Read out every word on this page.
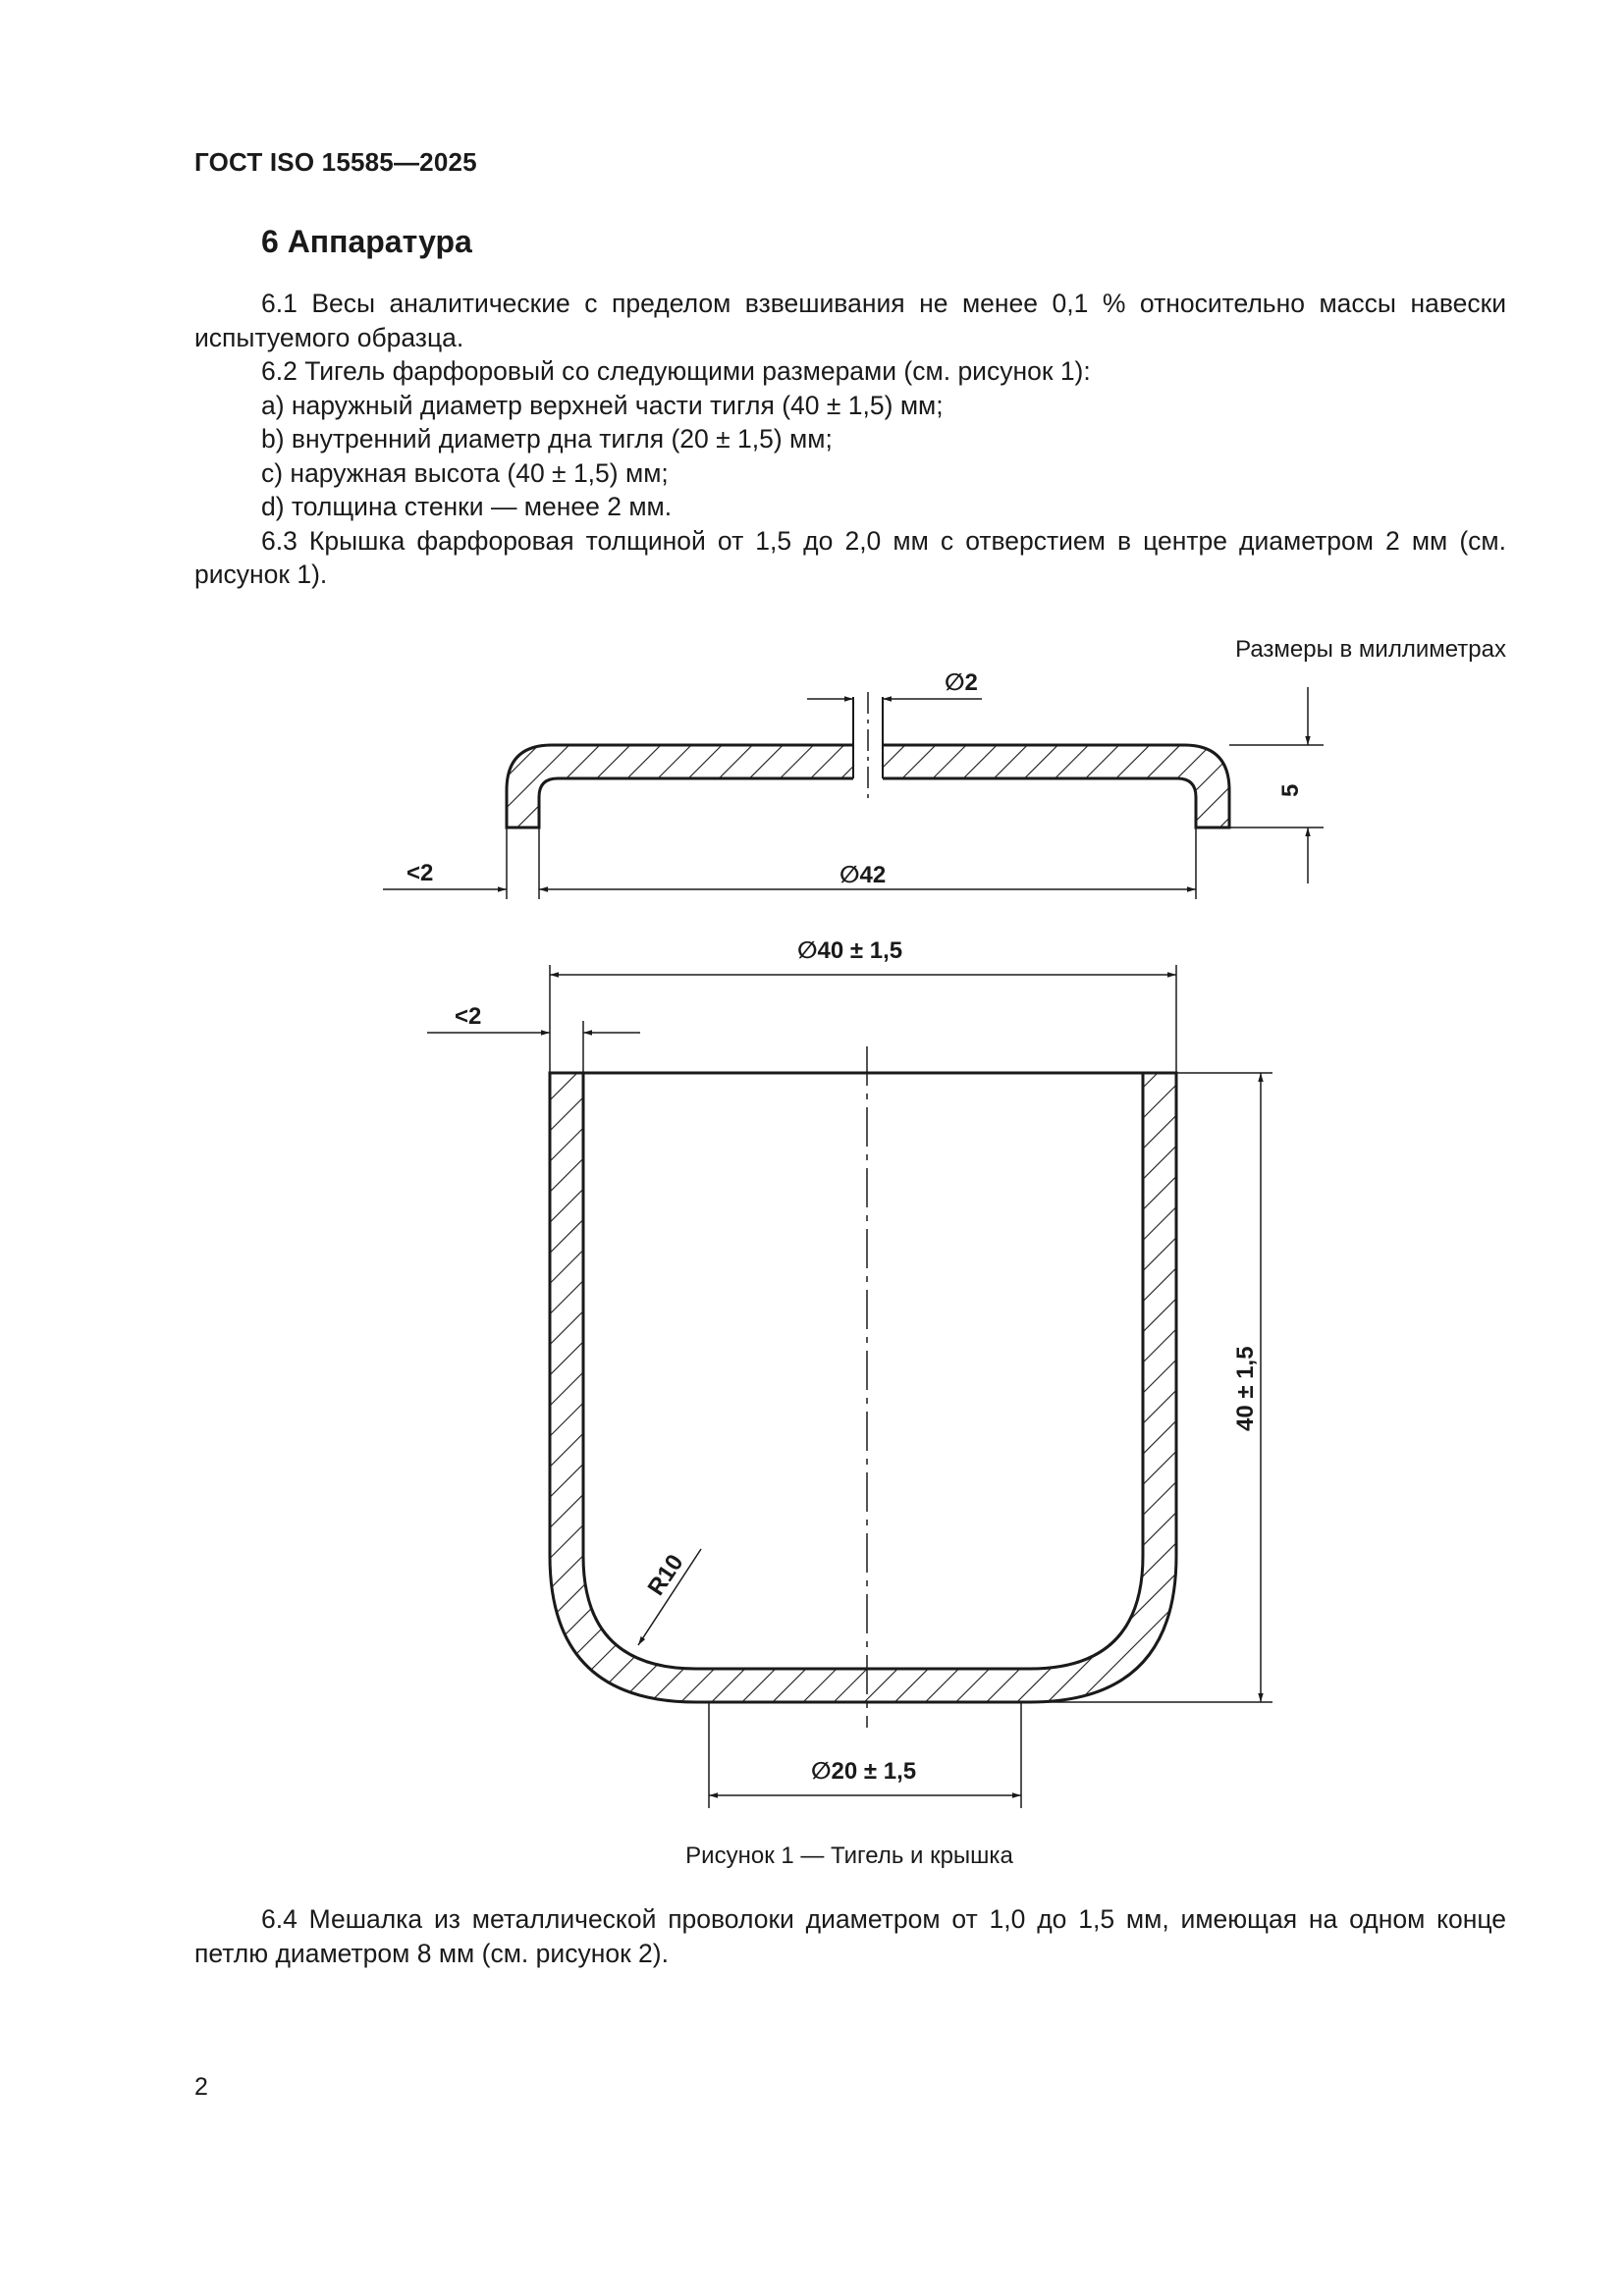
ГОСТ ISO 15585—2025
6 Аппаратура

6.1 Весы аналитические с пределом взвешивания не менее 0,1 % относительно массы навески испытуемого образца.

6.2 Тигель фарфоровый со следующими размерами (см. рисунок 1):

a) наружный диаметр верхней части тигля (40 ± 1,5) мм;

b) внутренний диаметр дна тигля (20 ± 1,5) мм;

c) наружная высота (40 ± 1,5) мм;

d) толщина стенки — менее 2 мм.

6.3 Крышка фарфоровая толщиной от 1,5 до 2,0 мм с отверстием в центре диаметром 2 мм (см. рисунок 1).

Размеры в миллиметрах
∅2
5
∅42
<2
∅40 ± 1,5
<2
40 ± 1,5
∅20 ± 1,5
R10
Рисунок 1 — Тигель и крышка

6.4 Мешалка из металлической проволоки диаметром от 1,0 до 1,5 мм, имеющая на одном конце петлю диаметром 8 мм (см. рисунок 2).

2
